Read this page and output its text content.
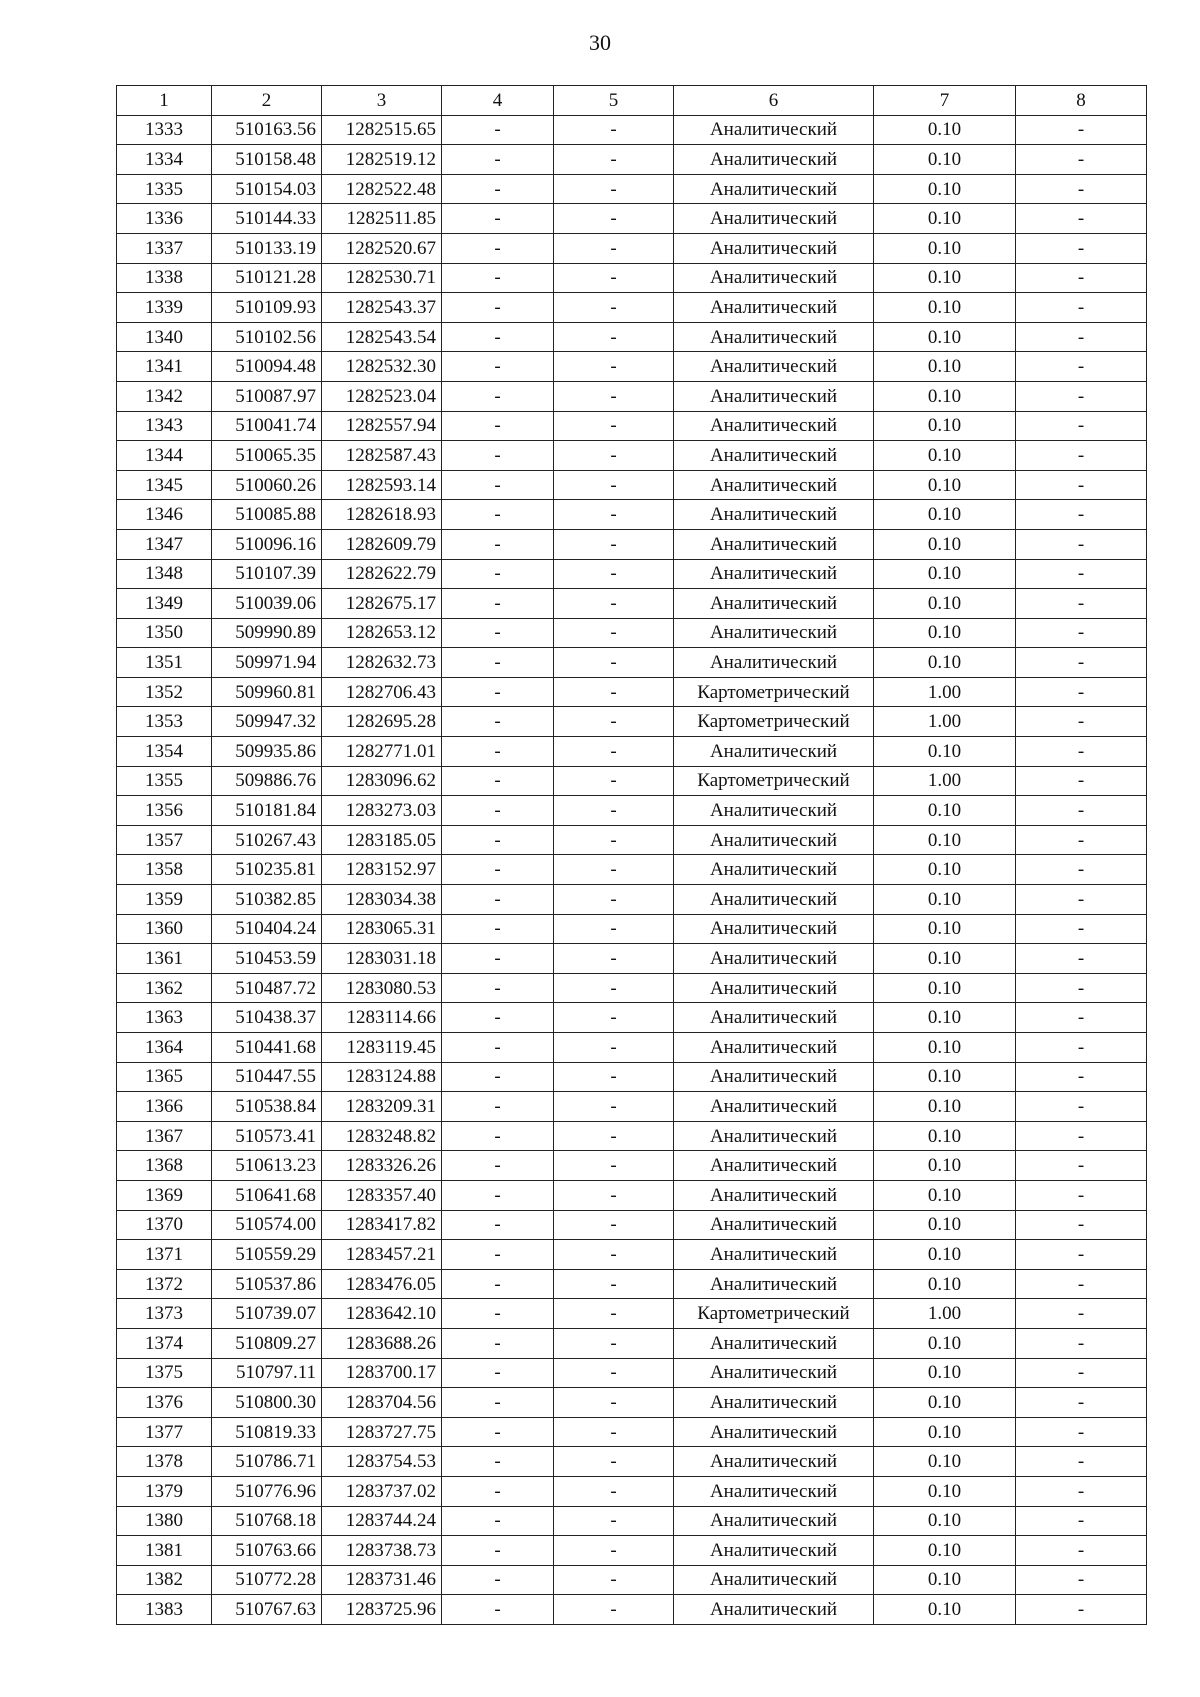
30
1	2	3	4	5	6	7	8
1333	510163.56	1282515.65	-	-	Аналитический	0.10	-
1334	510158.48	1282519.12	-	-	Аналитический	0.10	-
1335	510154.03	1282522.48	-	-	Аналитический	0.10	-
1336	510144.33	1282511.85	-	-	Аналитический	0.10	-
1337	510133.19	1282520.67	-	-	Аналитический	0.10	-
1338	510121.28	1282530.71	-	-	Аналитический	0.10	-
1339	510109.93	1282543.37	-	-	Аналитический	0.10	-
1340	510102.56	1282543.54	-	-	Аналитический	0.10	-
1341	510094.48	1282532.30	-	-	Аналитический	0.10	-
1342	510087.97	1282523.04	-	-	Аналитический	0.10	-
1343	510041.74	1282557.94	-	-	Аналитический	0.10	-
1344	510065.35	1282587.43	-	-	Аналитический	0.10	-
1345	510060.26	1282593.14	-	-	Аналитический	0.10	-
1346	510085.88	1282618.93	-	-	Аналитический	0.10	-
1347	510096.16	1282609.79	-	-	Аналитический	0.10	-
1348	510107.39	1282622.79	-	-	Аналитический	0.10	-
1349	510039.06	1282675.17	-	-	Аналитический	0.10	-
1350	509990.89	1282653.12	-	-	Аналитический	0.10	-
1351	509971.94	1282632.73	-	-	Аналитический	0.10	-
1352	509960.81	1282706.43	-	-	Картометрический	1.00	-
1353	509947.32	1282695.28	-	-	Картометрический	1.00	-
1354	509935.86	1282771.01	-	-	Аналитический	0.10	-
1355	509886.76	1283096.62	-	-	Картометрический	1.00	-
1356	510181.84	1283273.03	-	-	Аналитический	0.10	-
1357	510267.43	1283185.05	-	-	Аналитический	0.10	-
1358	510235.81	1283152.97	-	-	Аналитический	0.10	-
1359	510382.85	1283034.38	-	-	Аналитический	0.10	-
1360	510404.24	1283065.31	-	-	Аналитический	0.10	-
1361	510453.59	1283031.18	-	-	Аналитический	0.10	-
1362	510487.72	1283080.53	-	-	Аналитический	0.10	-
1363	510438.37	1283114.66	-	-	Аналитический	0.10	-
1364	510441.68	1283119.45	-	-	Аналитический	0.10	-
1365	510447.55	1283124.88	-	-	Аналитический	0.10	-
1366	510538.84	1283209.31	-	-	Аналитический	0.10	-
1367	510573.41	1283248.82	-	-	Аналитический	0.10	-
1368	510613.23	1283326.26	-	-	Аналитический	0.10	-
1369	510641.68	1283357.40	-	-	Аналитический	0.10	-
1370	510574.00	1283417.82	-	-	Аналитический	0.10	-
1371	510559.29	1283457.21	-	-	Аналитический	0.10	-
1372	510537.86	1283476.05	-	-	Аналитический	0.10	-
1373	510739.07	1283642.10	-	-	Картометрический	1.00	-
1374	510809.27	1283688.26	-	-	Аналитический	0.10	-
1375	510797.11	1283700.17	-	-	Аналитический	0.10	-
1376	510800.30	1283704.56	-	-	Аналитический	0.10	-
1377	510819.33	1283727.75	-	-	Аналитический	0.10	-
1378	510786.71	1283754.53	-	-	Аналитический	0.10	-
1379	510776.96	1283737.02	-	-	Аналитический	0.10	-
1380	510768.18	1283744.24	-	-	Аналитический	0.10	-
1381	510763.66	1283738.73	-	-	Аналитический	0.10	-
1382	510772.28	1283731.46	-	-	Аналитический	0.10	-
1383	510767.63	1283725.96	-	-	Аналитический	0.10	-
